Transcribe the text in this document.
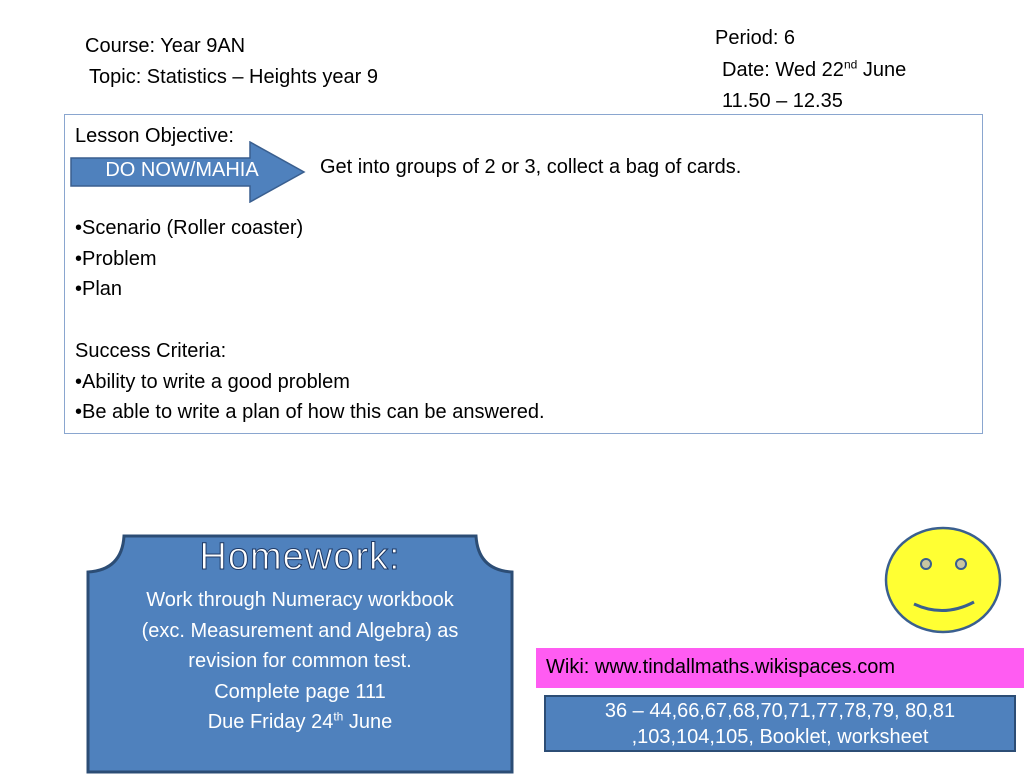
Course: Year 9AN
Topic: Statistics – Heights year 9
Period: 6
Date: Wed 22nd June
11.50 – 12.35
Lesson Objective:
DO NOW/MAHIA	Get into groups of 2 or 3, collect a bag of cards.
•Scenario (Roller coaster)
•Problem
•Plan
Success Criteria:
•Ability to write a good problem
•Be able to write a plan of how this can be answered.
Homework:
Work through Numeracy workbook (exc. Measurement and Algebra) as revision for common test.
Complete page 111
Due Friday 24th June
Wiki: www.tindallmaths.wikispaces.com
36 – 44,66,67,68,70,71,77,78,79, 80,81 ,103,104,105, Booklet, worksheet
